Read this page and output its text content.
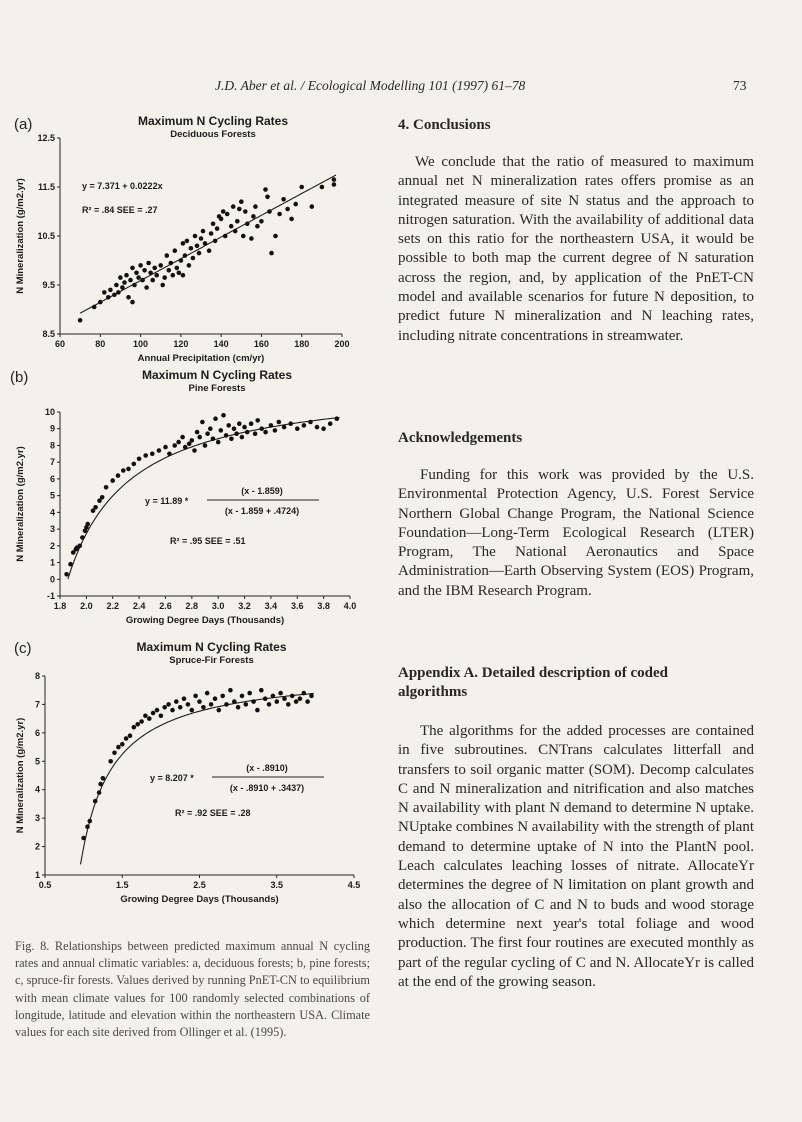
J.D. Aber et al. / Ecological Modelling 101 (1997) 61–78	73
(a)	Maximum N Cycling Rates
Deciduous Forests
60	80	100	120	140	160	180	200
8.5
9.5
10.5
11.5
12.5
Annual Precipitation (cm/yr)
N Mineralization (g/m2.yr)	y = 7.371 + 0.0222x
R² = .84 SEE = .27
(b)	Maximum N Cycling Rates
Pine Forests
1.8 2.0 2.2 2.4 2.6 2.8 3.0 3.2 3.4 3.6 3.8 4.0
-1
0
1
2
3
4
5
6
7
8
9
10
Growing Degree Days (Thousands)
N Mineralization (g/m2.yr)	y = 11.89 *
(x - 1.859)
(x - 1.859 + .4724)
R² = .95 SEE = .51
(c)	Maximum N Cycling Rates
Spruce-Fir Forests
0.5	1.5	2.5	3.5	4.5
1
2
3
4
5
6
7
8
Growing Degree Days (Thousands)
N Mineralization (g/m2.yr)	y = 8.207 *
(x - .8910)
(x - .8910 + .3437)
R² = .92 SEE = .28
Fig. 8. Relationships between predicted maximum annual N cycling rates and annual climatic variables: a, deciduous forests; b, pine forests; c, spruce-fir forests. Values derived by running PnET-CN to equilibrium with mean climate values for 100 randomly selected combinations of longitude, latitude and elevation within the northeastern USA. Climate values for each site derived from Ollinger et al. (1995).
4. Conclusions
We conclude that the ratio of measured to maximum annual net N mineralization rates offers promise as an integrated measure of site N status and the approach to nitrogen saturation. With the availability of additional data sets on this ratio for the northeastern USA, it would be possible to both map the current degree of N saturation across the region, and, by application of the PnET-CN model and available scenarios for future N deposition, to predict future N mineralization and N leaching rates, including nitrate concentrations in streamwater.
Acknowledgements
Funding for this work was provided by the U.S. Environmental Protection Agency, U.S. Forest Service Northern Global Change Program, the National Science Foundation—Long-Term Ecological Research (LTER) Program, The National Aeronautics and Space Administration—Earth Observing System (EOS) Program, and the IBM Research Program.
Appendix A. Detailed description of coded algorithms
The algorithms for the added processes are contained in five subroutines. CNTrans calculates litterfall and transfers to soil organic matter (SOM). Decomp calculates C and N mineralization and nitrification and also matches N availability with plant N demand to determine N uptake. NUptake combines N availability with the strength of plant demand to determine uptake of N into the PlantN pool. Leach calculates leaching losses of nitrate. AllocateYr determines the degree of N limitation on plant growth and also the allocation of C and N to buds and wood storage which determine next year's total foliage and wood production. The first four routines are executed monthly as part of the regular cycling of C and N. AllocateYr is called at the end of the growing season.
